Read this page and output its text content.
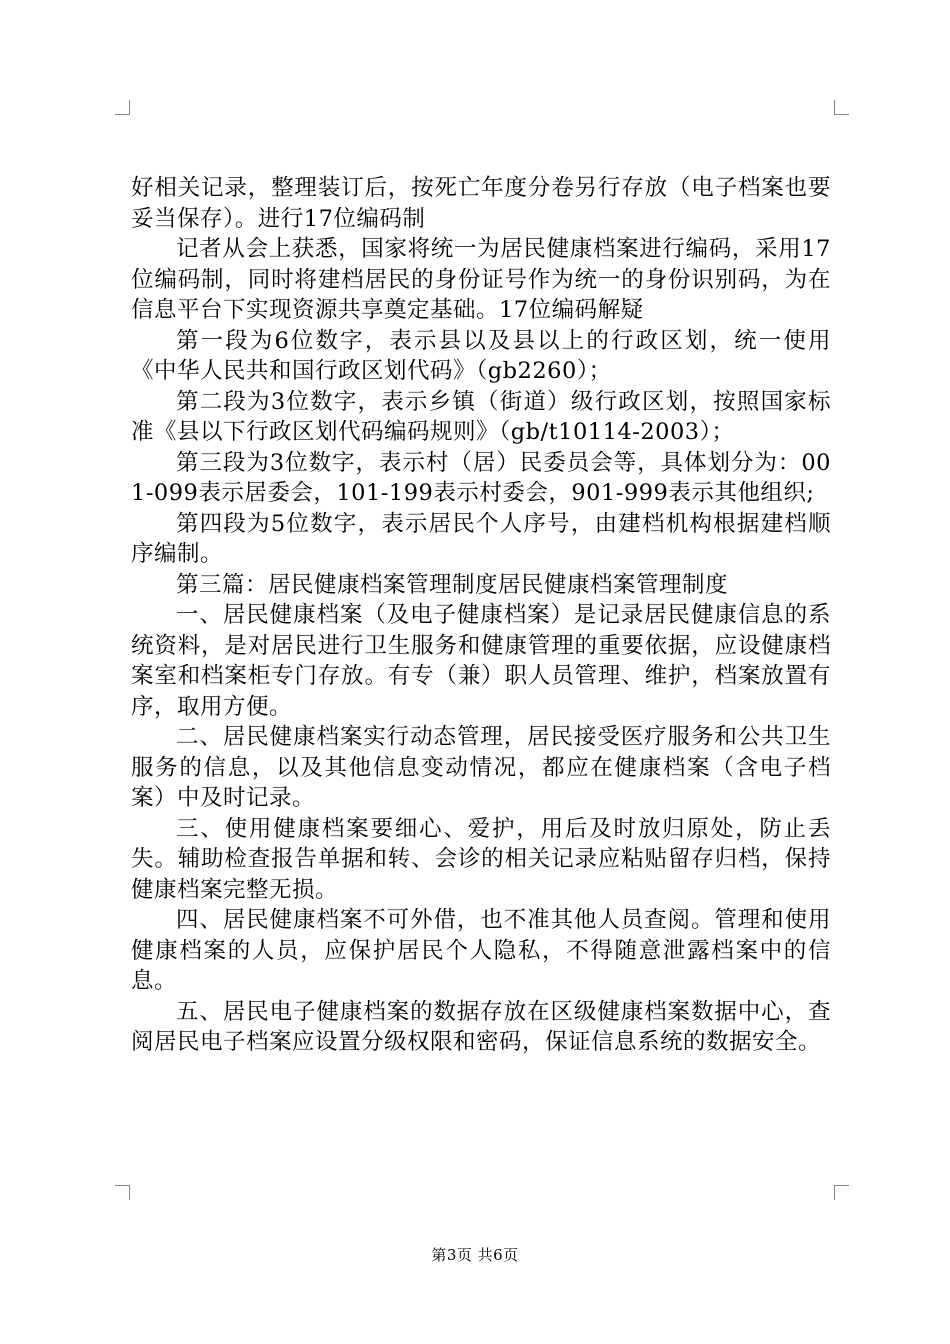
好相关记录，整理装订后，按死亡年度分卷另行存放（电子档案也要妥当保存）。进行17位编码制

记者从会上获悉，国家将统一为居民健康档案进行编码，采用17位编码制，同时将建档居民的身份证号作为统一的身份识别码，为在信息平台下实现资源共享奠定基础。17位编码解疑

第一段为6位数字，表示县以及县以上的行政区划，统一使用《中华人民共和国行政区划代码》（gb2260）；

第二段为3位数字，表示乡镇（街道）级行政区划，按照国家标准《县以下行政区划代码编码规则》（gb/t10114-2003）；

第三段为3位数字，表示村（居）民委员会等，具体划分为：001-099表示居委会，101-199表示村委会，901-999表示其他组织;

第四段为5位数字，表示居民个人序号，由建档机构根据建档顺序编制。

第三篇：居民健康档案管理制度居民健康档案管理制度

一、居民健康档案（及电子健康档案）是记录居民健康信息的系统资料，是对居民进行卫生服务和健康管理的重要依据，应设健康档案室和档案柜专门存放。有专（兼）职人员管理、维护，档案放置有序，取用方便。

二、居民健康档案实行动态管理，居民接受医疗服务和公共卫生服务的信息，以及其他信息变动情况，都应在健康档案（含电子档案）中及时记录。

三、使用健康档案要细心、爱护，用后及时放归原处，防止丢失。辅助检查报告单据和转、会诊的相关记录应粘贴留存归档，保持健康档案完整无损。

四、居民健康档案不可外借，也不准其他人员查阅。管理和使用健康档案的人员，应保护居民个人隐私，不得随意泄露档案中的信息。

五、居民电子健康档案的数据存放在区级健康档案数据中心，查阅居民电子档案应设置分级权限和密码，保证信息系统的数据安全。

第3页 共6页
